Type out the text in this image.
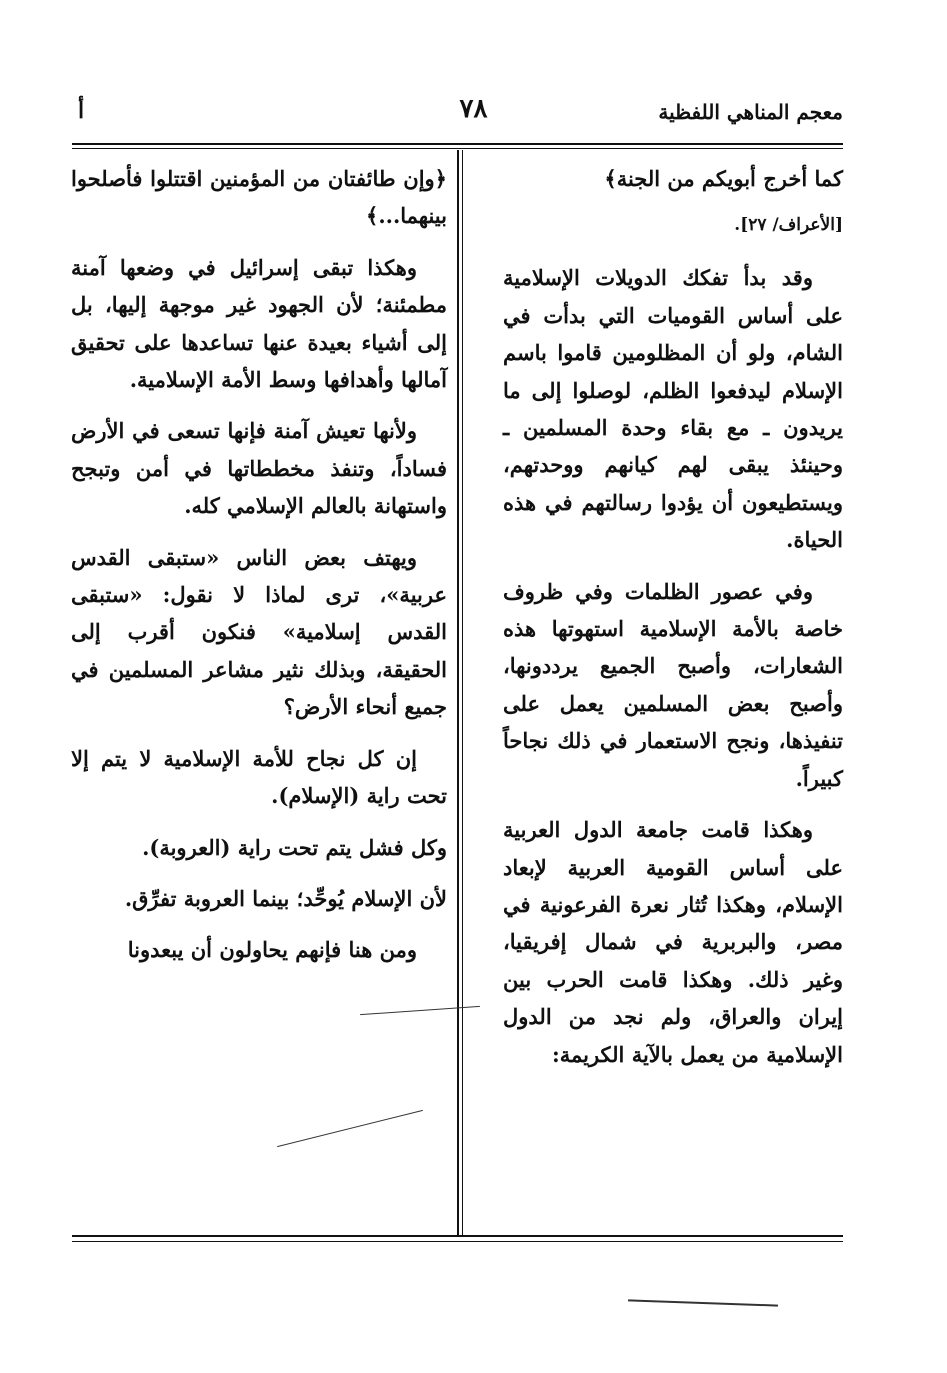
معجم المناهي اللفظية
٧٨
أ

كما أخرج أبويكم من الجنة﴾

[الأعراف/ ٢٧].

وقد بدأ تفكك الدويلات الإسلامية على أساس القوميات التي بدأت في الشام، ولو أن المظلومين قاموا باسم الإسلام ليدفعوا الظلم، لوصلوا إلى ما يريدون ـ مع بقاء وحدة المسلمين ـ وحينئذ يبقى لهم كيانهم ووحدتهم، ويستطيعون أن يؤدوا رسالتهم في هذه الحياة.

وفي عصور الظلمات وفي ظروف خاصة بالأمة الإسلامية استهوتها هذه الشعارات، وأصبح الجميع يرددونها، وأصبح بعض المسلمين يعمل على تنفيذها، ونجح الاستعمار في ذلك نجاحاً كبيراً.

وهكذا قامت جامعة الدول العربية على أساس القومية العربية لإبعاد الإسلام، وهكذا تُثار نعرة الفرعونية في مصر، والبربرية في شمال إفريقيا، وغير ذلك. وهكذا قامت الحرب بين إيران والعراق، ولم نجد من الدول الإسلامية من يعمل بالآية الكريمة:

﴿وإن طائفتان من المؤمنين اقتتلوا فأصلحوا بينهما...﴾

وهكذا تبقى إسرائيل في وضعها آمنة مطمئنة؛ لأن الجهود غير موجهة إليها، بل إلى أشياء بعيدة عنها تساعدها على تحقيق آمالها وأهدافها وسط الأمة الإسلامية.

ولأنها تعيش آمنة فإنها تسعى في الأرض فساداً، وتنفذ مخططاتها في أمن وتبجح واستهانة بالعالم الإسلامي كله.

ويهتف بعض الناس «ستبقى القدس عربية»، ترى لماذا لا نقول: «ستبقى القدس إسلامية» فنكون أقرب إلى الحقيقة، وبذلك نثير مشاعر المسلمين في جميع أنحاء الأرض؟

إن كل نجاح للأمة الإسلامية لا يتم إلا تحت راية (الإسلام).

وكل فشل يتم تحت راية (العروبة).

لأن الإسلام يُوحِّد؛ بينما العروبة تفرِّق.

ومن هنا فإنهم يحاولون أن يبعدونا
